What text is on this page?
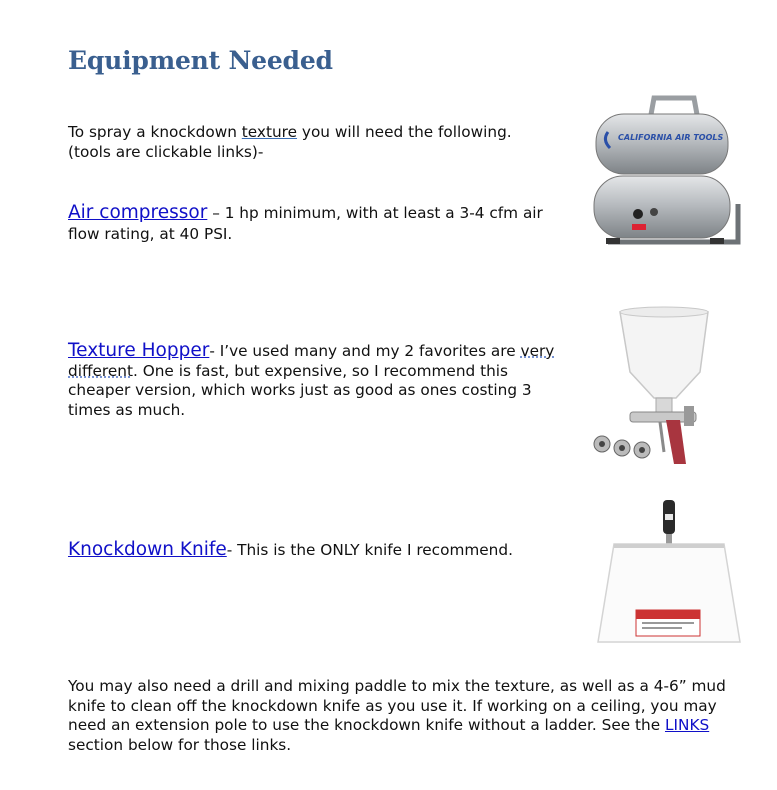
Equipment Needed

To spray a knockdown texture you will need the following.
(tools are clickable links)-

Air compressor – 1 hp minimum, with at least a 3-4 cfm air flow rating, at 40 PSI.

CALIFORNIA AIR TOOLS

Texture Hopper- I’ve used many and my 2 favorites are very different. One is fast, but expensive, so I recommend this cheaper version, which works just as good as ones costing 3 times as much.

Knockdown Knife- This is the ONLY knife I recommend.

You may also need a drill and mixing paddle to mix the texture, as well as a 4-6” mud knife to clean off the knockdown knife as you use it. If working on a ceiling, you may need an extension pole to use the knockdown knife without a ladder. See the LINKS section below for those links.
